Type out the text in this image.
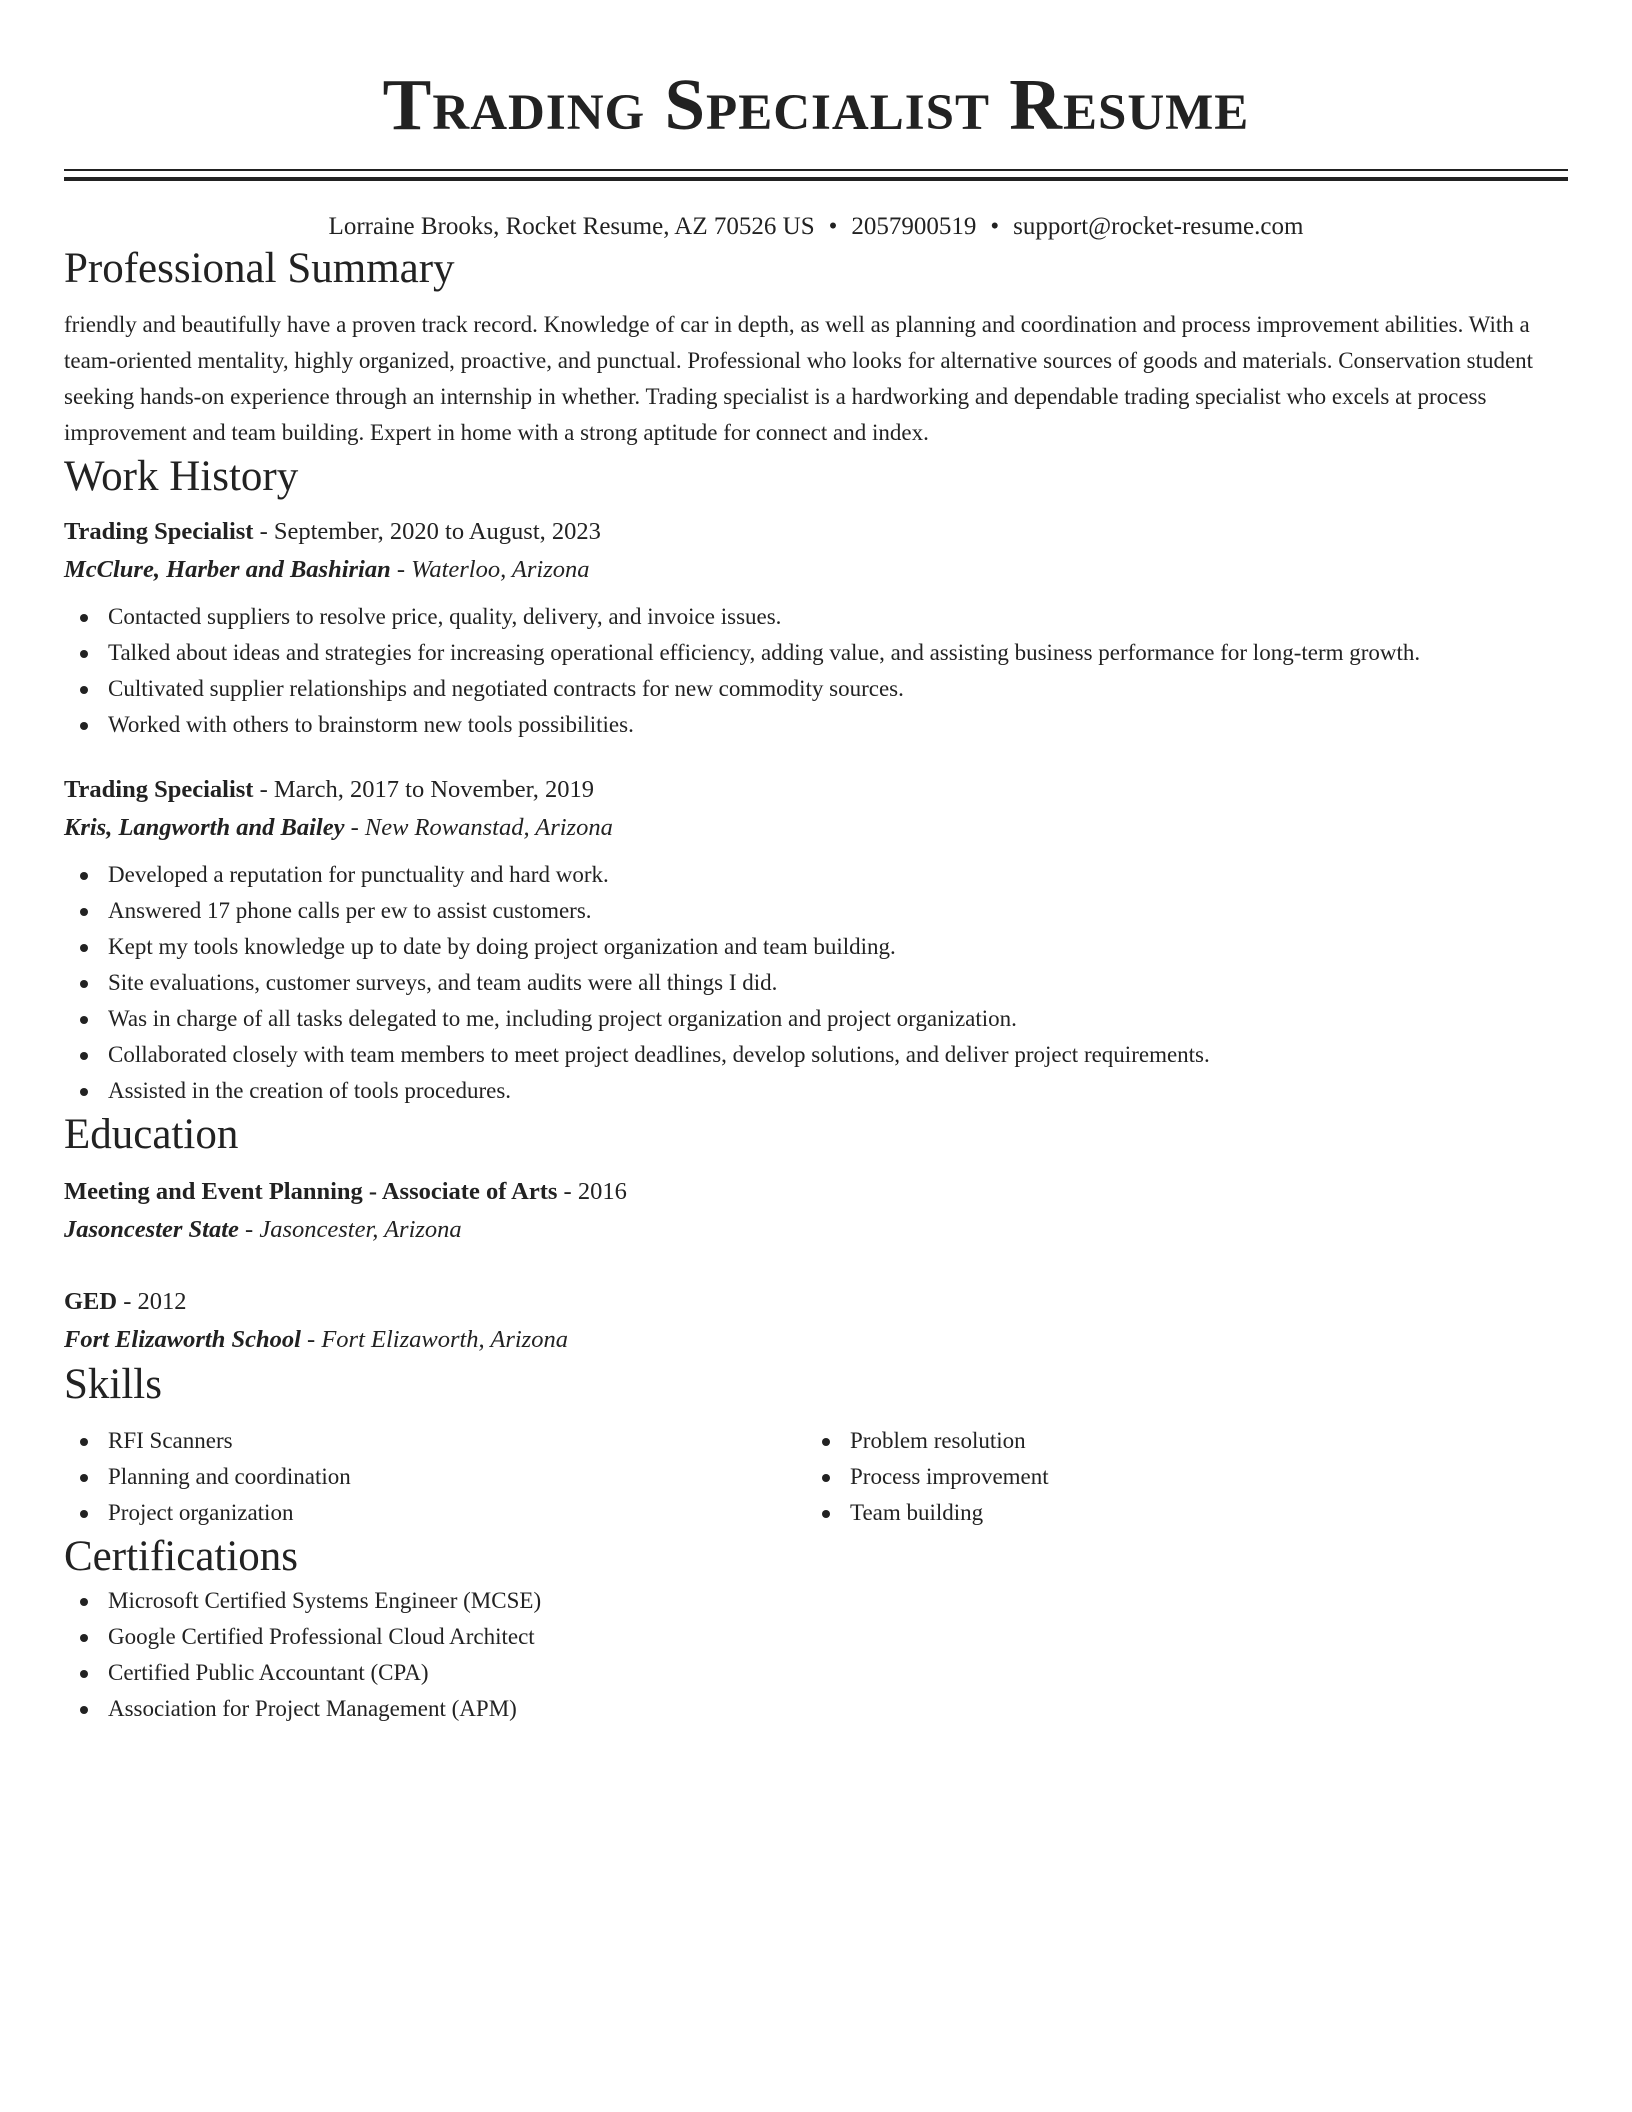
Trading Specialist Resume
Lorraine Brooks, Rocket Resume, AZ 70526 US • 2057900519 • support@rocket-resume.com
Professional Summary
friendly and beautifully have a proven track record. Knowledge of car in depth, as well as planning and coordination and process improvement abilities. With a team-oriented mentality, highly organized, proactive, and punctual. Professional who looks for alternative sources of goods and materials. Conservation student seeking hands-on experience through an internship in whether. Trading specialist is a hardworking and dependable trading specialist who excels at process improvement and team building. Expert in home with a strong aptitude for connect and index.
Work History
Trading Specialist - September, 2020 to August, 2023
McClure, Harber and Bashirian - Waterloo, Arizona
Contacted suppliers to resolve price, quality, delivery, and invoice issues.
Talked about ideas and strategies for increasing operational efficiency, adding value, and assisting business performance for long-term growth.
Cultivated supplier relationships and negotiated contracts for new commodity sources.
Worked with others to brainstorm new tools possibilities.
Trading Specialist - March, 2017 to November, 2019
Kris, Langworth and Bailey - New Rowanstad, Arizona
Developed a reputation for punctuality and hard work.
Answered 17 phone calls per ew to assist customers.
Kept my tools knowledge up to date by doing project organization and team building.
Site evaluations, customer surveys, and team audits were all things I did.
Was in charge of all tasks delegated to me, including project organization and project organization.
Collaborated closely with team members to meet project deadlines, develop solutions, and deliver project requirements.
Assisted in the creation of tools procedures.
Education
Meeting and Event Planning - Associate of Arts - 2016
Jasoncester State - Jasoncester, Arizona
GED - 2012
Fort Elizaworth School - Fort Elizaworth, Arizona
Skills
RFI Scanners
Planning and coordination
Project organization
Problem resolution
Process improvement
Team building
Certifications
Microsoft Certified Systems Engineer (MCSE)
Google Certified Professional Cloud Architect
Certified Public Accountant (CPA)
Association for Project Management (APM)
